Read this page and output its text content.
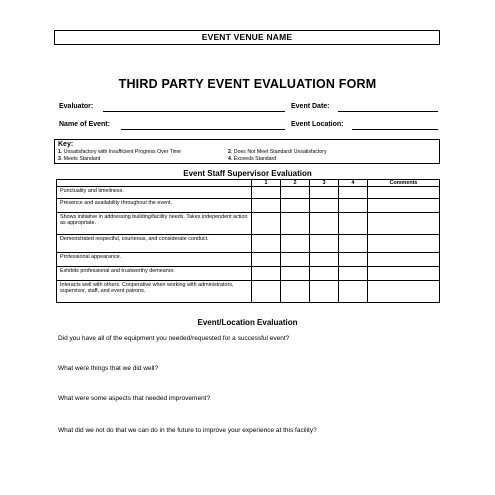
EVENT VENUE NAME
THIRD PARTY EVENT EVALUATION FORM
Evaluator:	Event Date:
Name of Event:	Event Location:
Key:
1. Unsatisfactory with Insufficient Progress Over Time	2. Does Not Meet Standard/ Unsatisfactory
3. Meets Standard	4. Exceeds Standard
Event Staff Supervisor Evaluation
	1	2	3	4	Comments
Punctuality and timeliness.					
Presence and availability throughout the event.					
Shows initiative in addressing building/facility needs. Takes independent action as appropriate.					
Demonstrated respectful, courteous, and considerate conduct.					
Professional appearance.					
Exhibits professional and trustworthy demeanor.					
Interacts well with others. Cooperative when working with administrators, supervisor, staff, and event patrons.					
Event/Location Evaluation
Did you have all of the equipment you needed/requested for a successful event?
What were things that we did well?
What were some aspects that needed improvement?
What did we not do that we can do in the future to improve your experience at this facility?
